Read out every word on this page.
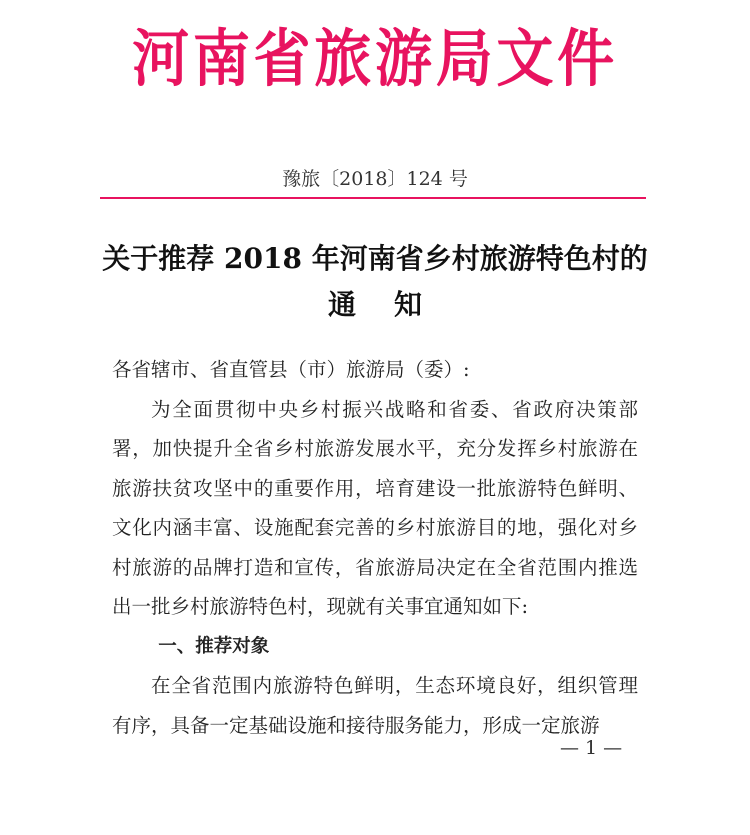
河南省旅游局文件
豫旅〔2018〕124 号
关于推荐 2018 年河南省乡村旅游特色村的
通知

各省辖市、省直管县（市）旅游局（委）:

为全面贯彻中央乡村振兴战略和省委、省政府决策部署，加快提升全省乡村旅游发展水平，充分发挥乡村旅游在旅游扶贫攻坚中的重要作用，培育建设一批旅游特色鲜明、文化内涵丰富、设施配套完善的乡村旅游目的地，强化对乡村旅游的品牌打造和宣传，省旅游局决定在全省范围内推选出一批乡村旅游特色村，现就有关事宜通知如下:

一、推荐对象

在全省范围内旅游特色鲜明，生态环境良好，组织管理有序，具备一定基础设施和接待服务能力，形成一定旅游

— 1 —
